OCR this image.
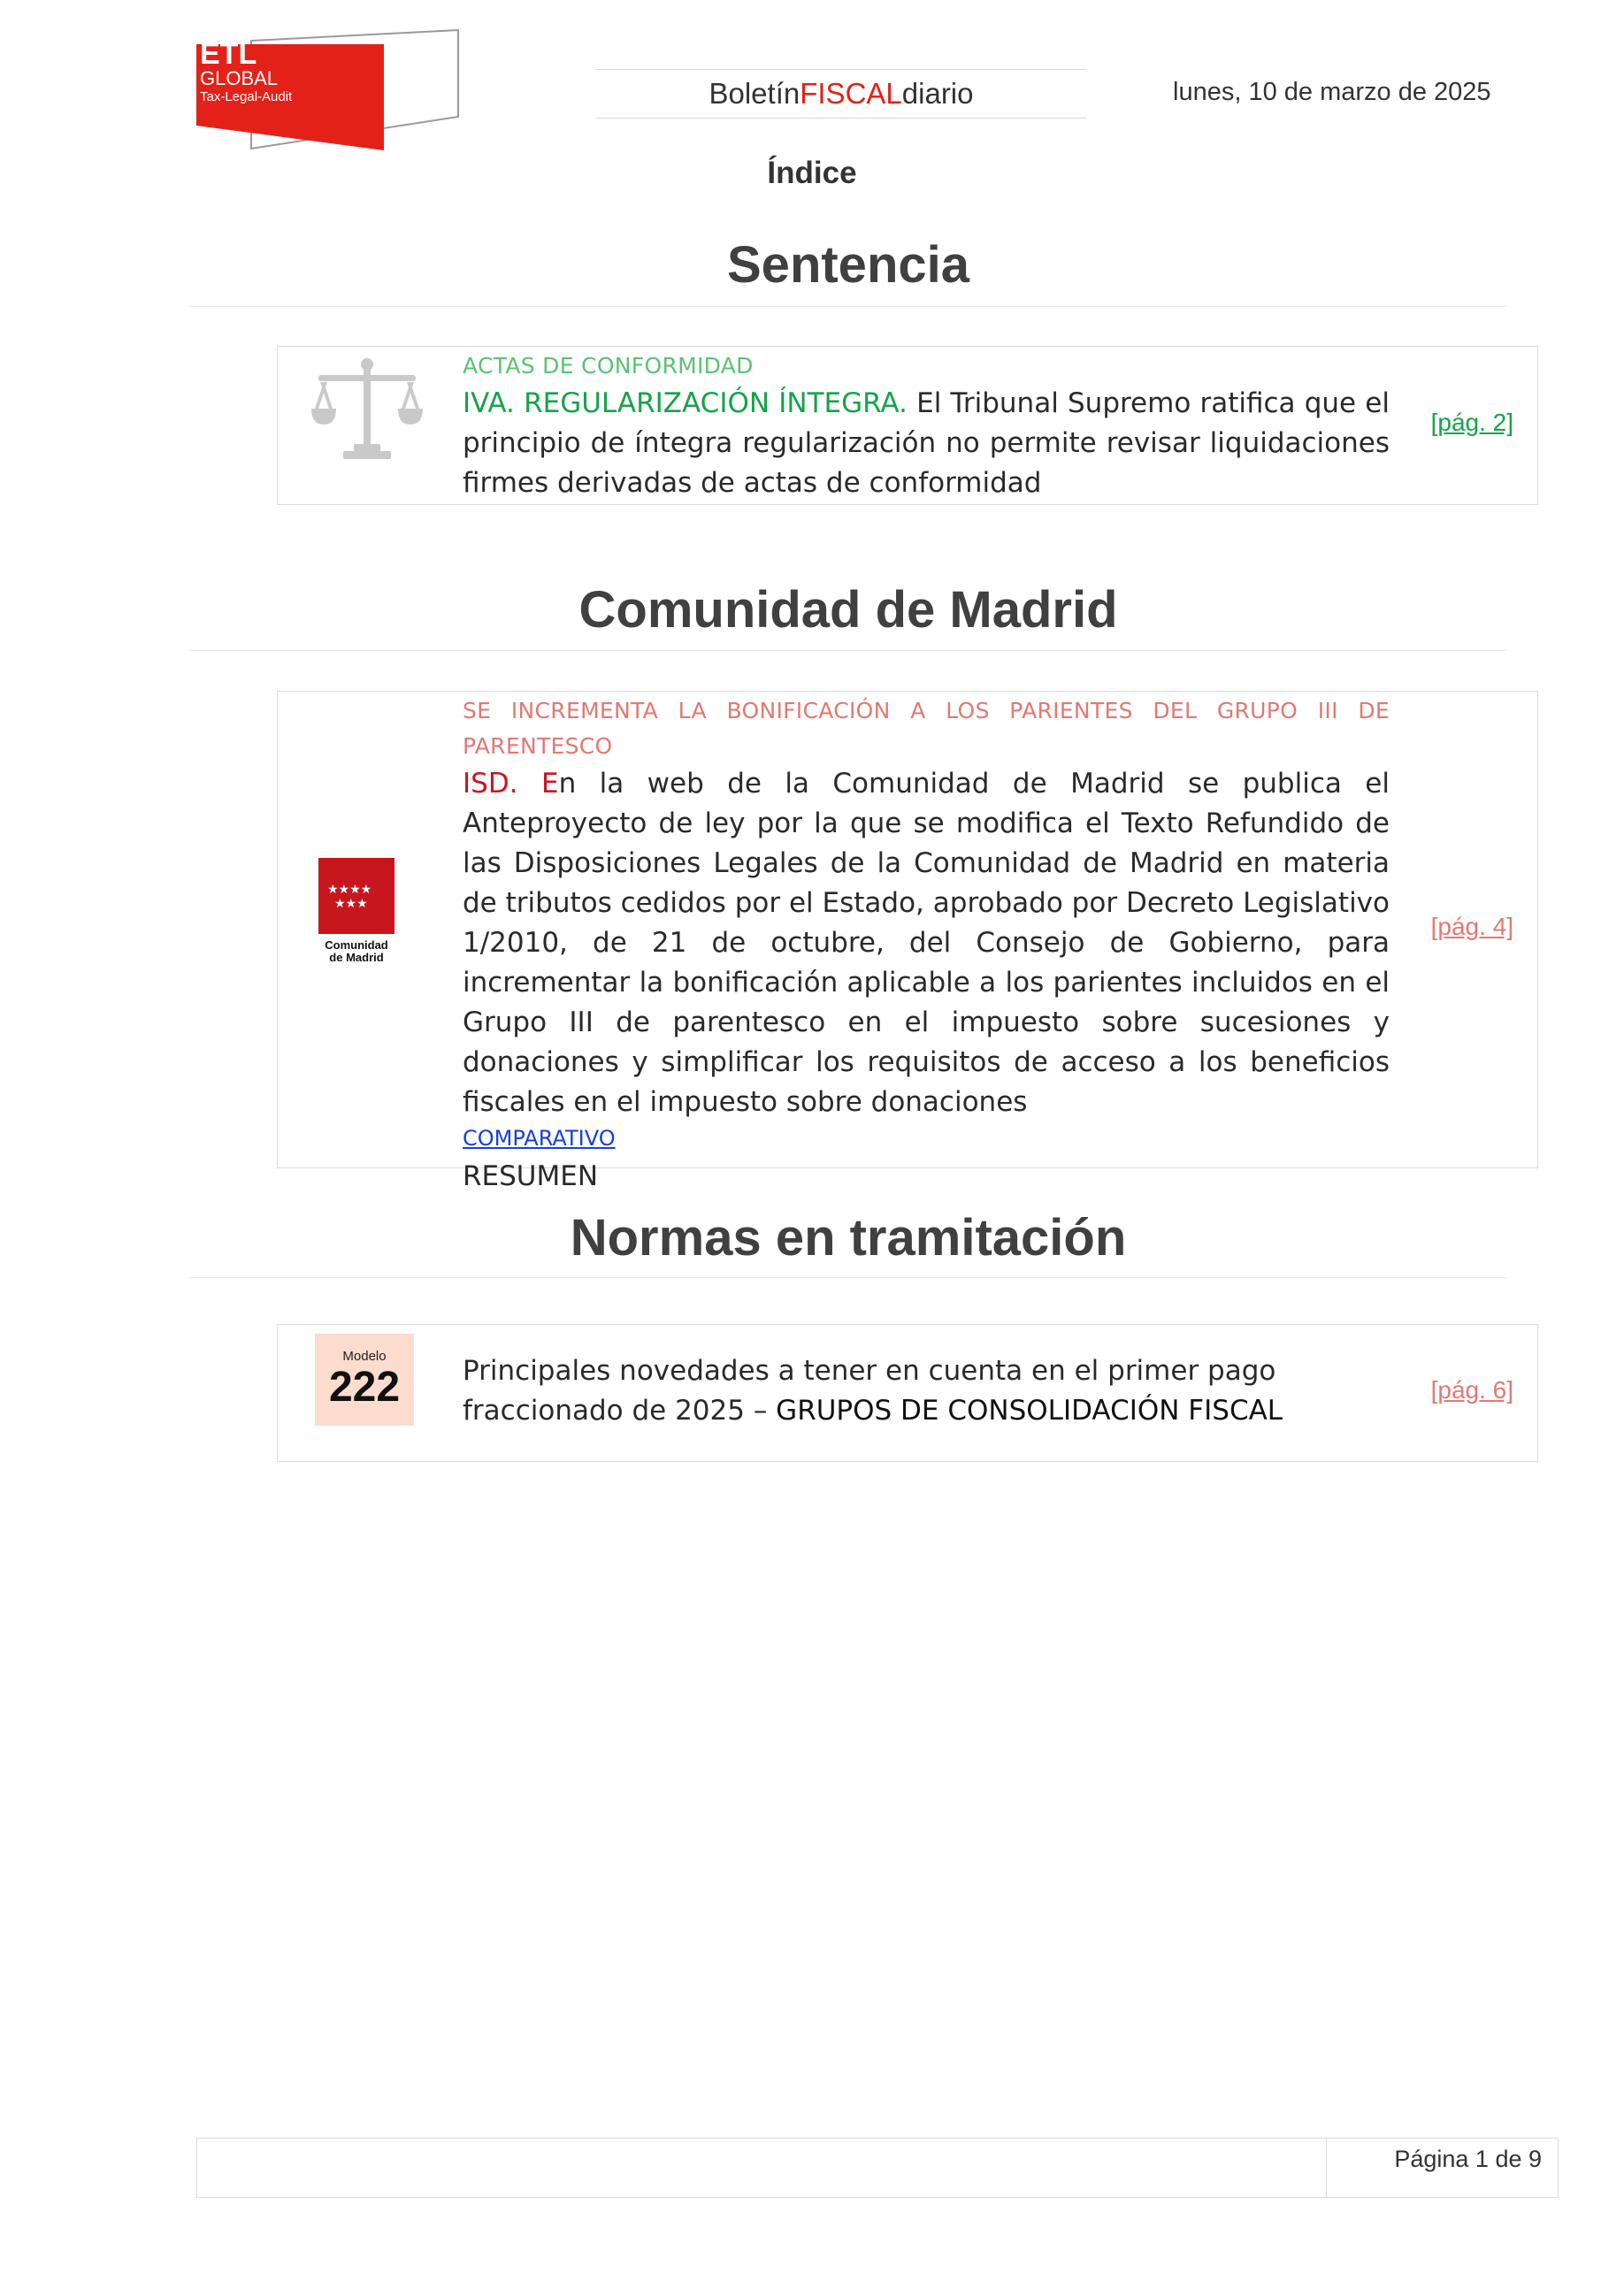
ETL
GLOBAL
Tax-Legal-Audit	Boletín FISCAL diario	lunes, 10 de marzo de 2025
Índice
Sentencia
ACTAS DE CONFORMIDAD
IVA. REGULARIZACIÓN ÍNTEGRA. El Tribunal Supremo ratifica que el principio de íntegra regularización no permite revisar liquidaciones firmes derivadas de actas de conformidad
[pág. 2]
Comunidad de Madrid
★★★★
★★★
Comunidad
de Madrid
SE INCREMENTA LA BONIFICACIÓN A LOS PARIENTES DEL GRUPO III DE PARENTESCO
ISD. En la web de la Comunidad de Madrid se publica el Anteproyecto de ley por la que se modifica el Texto Refundido de las Disposiciones Legales de la Comunidad de Madrid en materia de tributos cedidos por el Estado, aprobado por Decreto Legislativo 1/2010, de 21 de octubre, del Consejo de Gobierno, para incrementar la bonificación aplicable a los parientes incluidos en el Grupo III de parentesco en el impuesto sobre sucesiones y donaciones y simplificar los requisitos de acceso a los beneficios fiscales en el impuesto sobre donaciones
COMPARATIVO
RESUMEN
[pág. 4]
Normas en tramitación
Modelo
222 Principales novedades a tener en cuenta en el primer pago fraccionado de 2025 – GRUPOS DE CONSOLIDACIÓN FISCAL
[pág. 6]
Página 1 de 9
